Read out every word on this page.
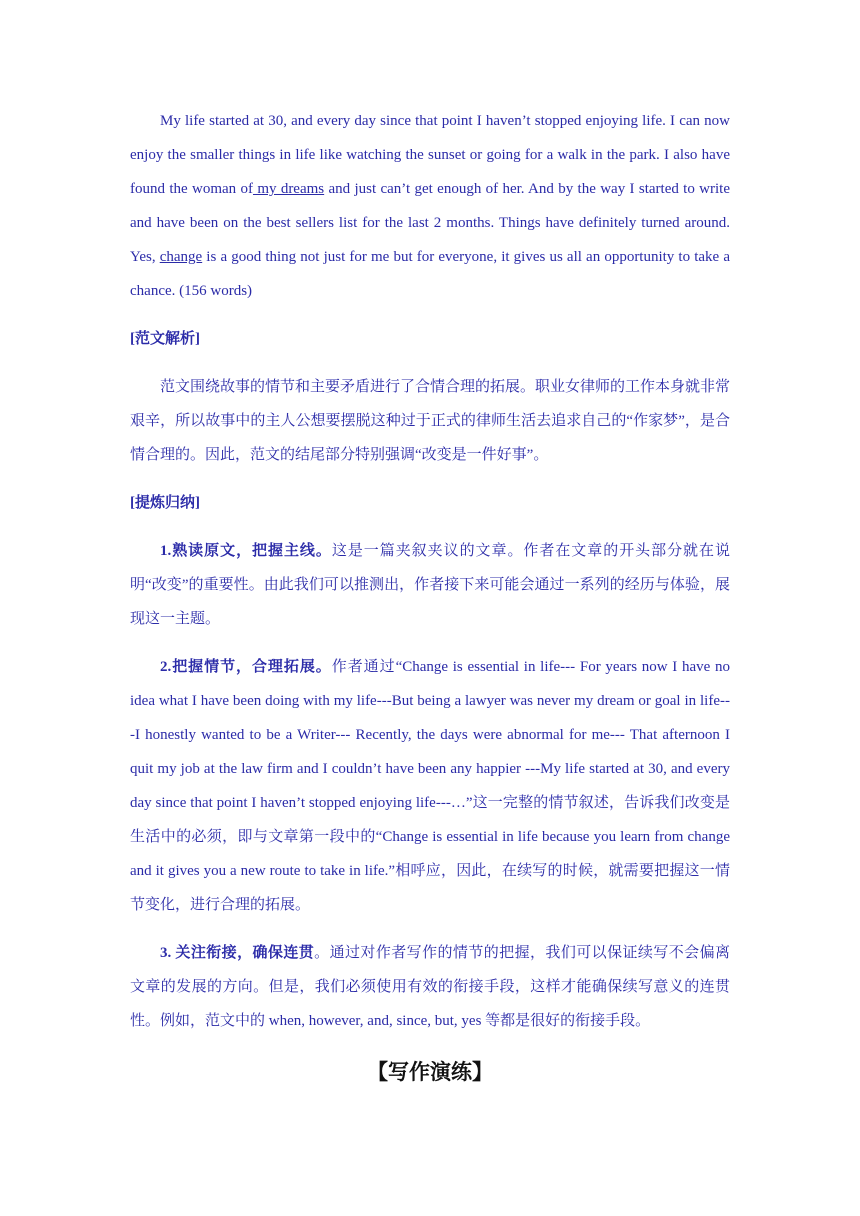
My life started at 30, and every day since that point I haven’t stopped enjoying life. I can now enjoy the smaller things in life like watching the sunset or going for a walk in the park. I also have found the woman of my dreams and just can’t get enough of her. And by the way I started to write and have been on the best sellers list for the last 2 months. Things have definitely turned around. Yes, change is a good thing not just for me but for everyone, it gives us all an opportunity to take a chance. (156 words)

[范文解析]

范文围绕故事的情节和主要矛盾进行了合情合理的拓展。职业女律师的工作本身就非常艰辛，所以故事中的主人公想要摆脱这种过于正式的律师生活去追求自己的“作家梦”，是合情合理的。因此，范文的结尾部分特别强调“改变是一件好事”。

[提炼归纳]

1.熟读原文，把握主线。这是一篇夹叙夹议的文章。作者在文章的开头部分就在说明“改变”的重要性。由此我们可以推测出，作者接下来可能会通过一系列的经历与体验，展现这一主题。

2.把握情节，合理拓展。作者通过“Change is essential in life--- For years now I have no idea what I have been doing with my life---But being a lawyer was never my dream or goal in life---I honestly wanted to be a Writer--- Recently, the days were abnormal for me--- That afternoon I quit my job at the law firm and I couldn’t have been any happier ---My life started at 30, and every day since that point I haven’t stopped enjoying life---…”这一完整的情节叙述，告诉我们改变是生活中的必须，即与文章第一段中的“Change is essential in life because you learn from change and it gives you a new route to take in life.”相呼应，因此，在续写的时候，就需要把握这一情节变化，进行合理的拓展。

3. 关注衔接，确保连贯。通过对作者写作的情节的把握，我们可以保证续写不会偏离文章的发展的方向。但是，我们必须使用有效的衔接手段，这样才能确保续写意义的连贯性。例如，范文中的 when, however, and, since, but, yes 等都是很好的衔接手段。

【写作演练】
